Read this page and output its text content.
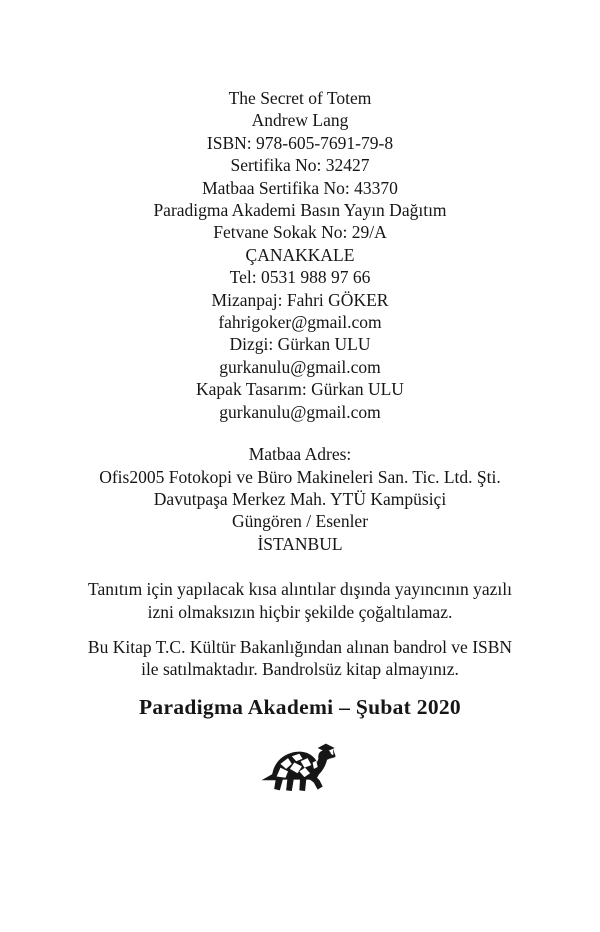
The Secret of Totem
Andrew Lang
ISBN: 978-605-7691-79-8
Sertifika No: 32427
Matbaa Sertifika No: 43370
Paradigma Akademi Basın Yayın Dağıtım
Fetvane Sokak No: 29/A
ÇANAKKALE
Tel: 0531 988 97 66
Mizanpaj: Fahri GÖKER
fahrigoker@gmail.com
Dizgi: Gürkan ULU
gurkanulu@gmail.com
Kapak Tasarım: Gürkan ULU
gurkanulu@gmail.com
Matbaa Adres:
Ofis2005 Fotokopi ve Büro Makineleri San. Tic. Ltd. Şti.
Davutpaşa Merkez Mah. YTÜ Kampüsiçi
Güngören / Esenler
İSTANBUL
Tanıtım için yapılacak kısa alıntılar dışında yayıncının yazılı
izni olmaksızın hiçbir şekilde çoğaltılamaz.
Bu Kitap T.C. Kültür Bakanlığından alınan bandrol ve ISBN
ile satılmaktadır. Bandrolsüz kitap almayınız.
Paradigma Akademi – Şubat 2020
